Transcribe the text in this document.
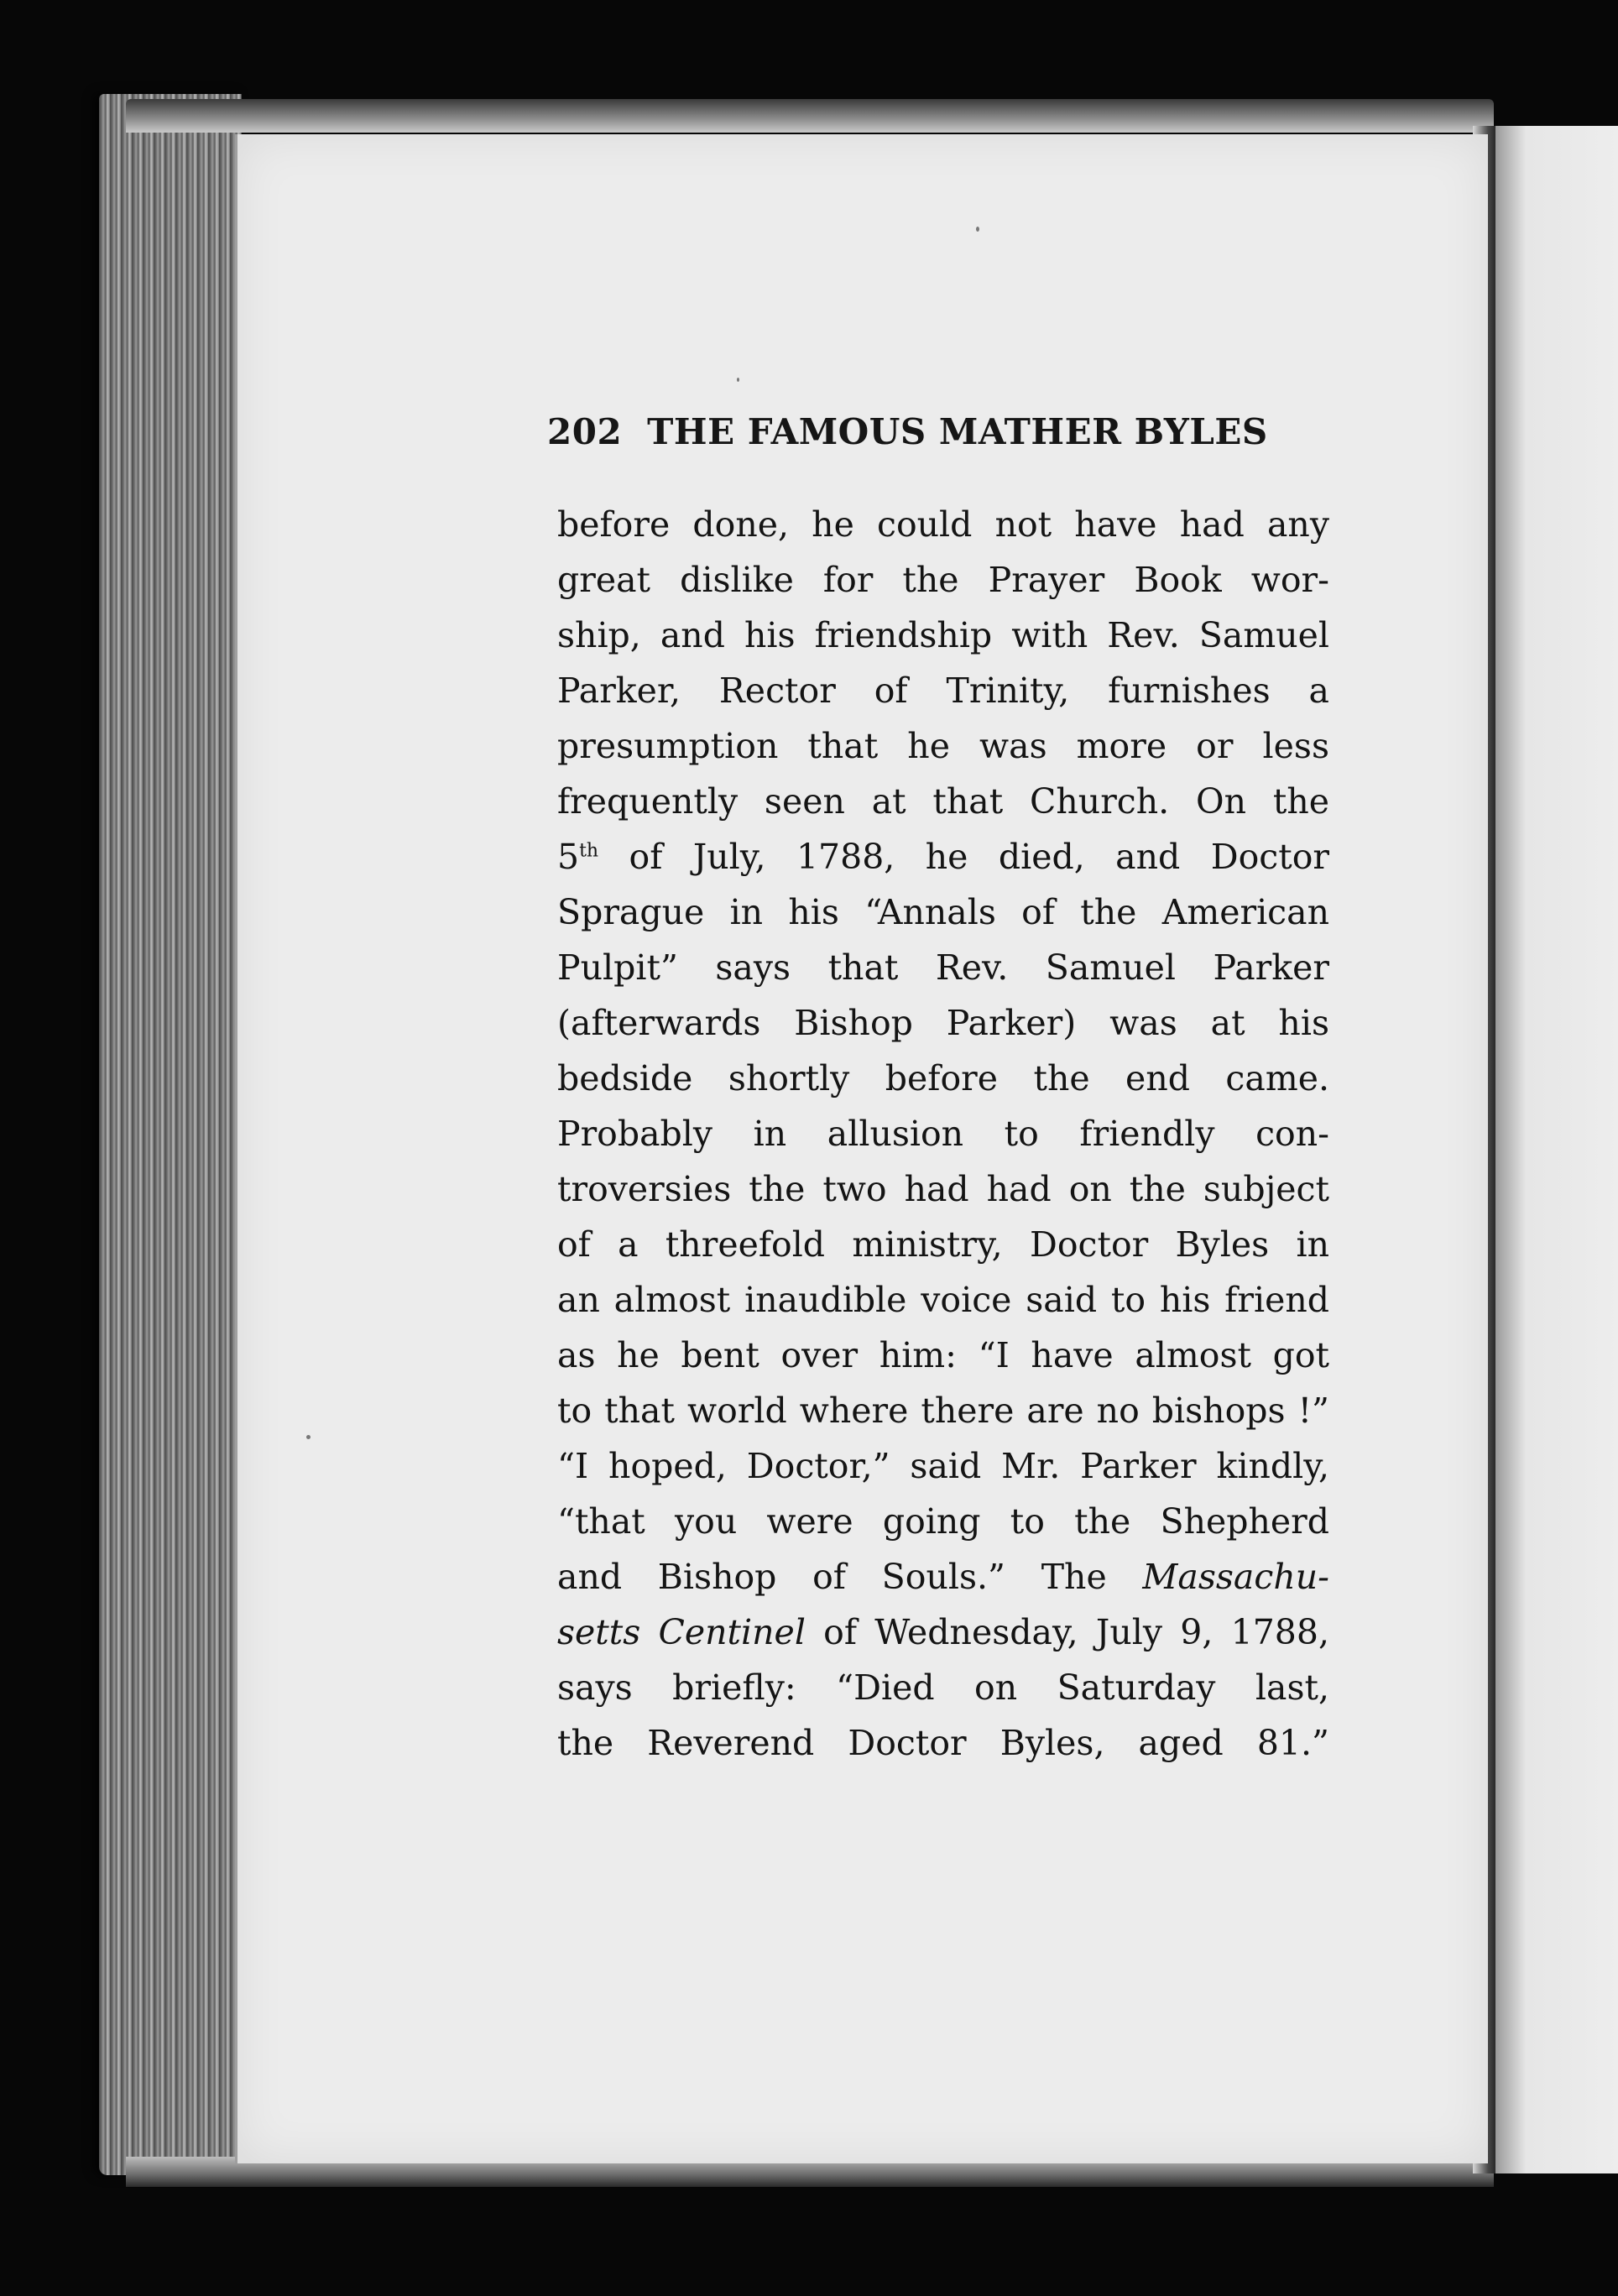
202 THE FAMOUS MATHER BYLES
before done, he could not have had any
great dislike for the Prayer Book wor-
ship, and his friendship with Rev. Samuel
Parker, Rector of Trinity, furnishes a
presumption that he was more or less
frequently seen at that Church. On the
5th of July, 1788, he died, and Doctor
Sprague in his “Annals of the American
Pulpit” says that Rev. Samuel Parker
(afterwards Bishop Parker) was at his
bedside shortly before the end came.
Probably in allusion to friendly con-
troversies the two had had on the subject
of a threefold ministry, Doctor Byles in
an almost inaudible voice said to his friend
as he bent over him: “I have almost got
to that world where there are no bishops !”
“I hoped, Doctor,” said Mr. Parker kindly,
“that you were going to the Shepherd
and Bishop of Souls.” The Massachu-
setts Centinel of Wednesday, July 9, 1788,
says briefly: “Died on Saturday last,
the Reverend Doctor Byles, aged 81.”
